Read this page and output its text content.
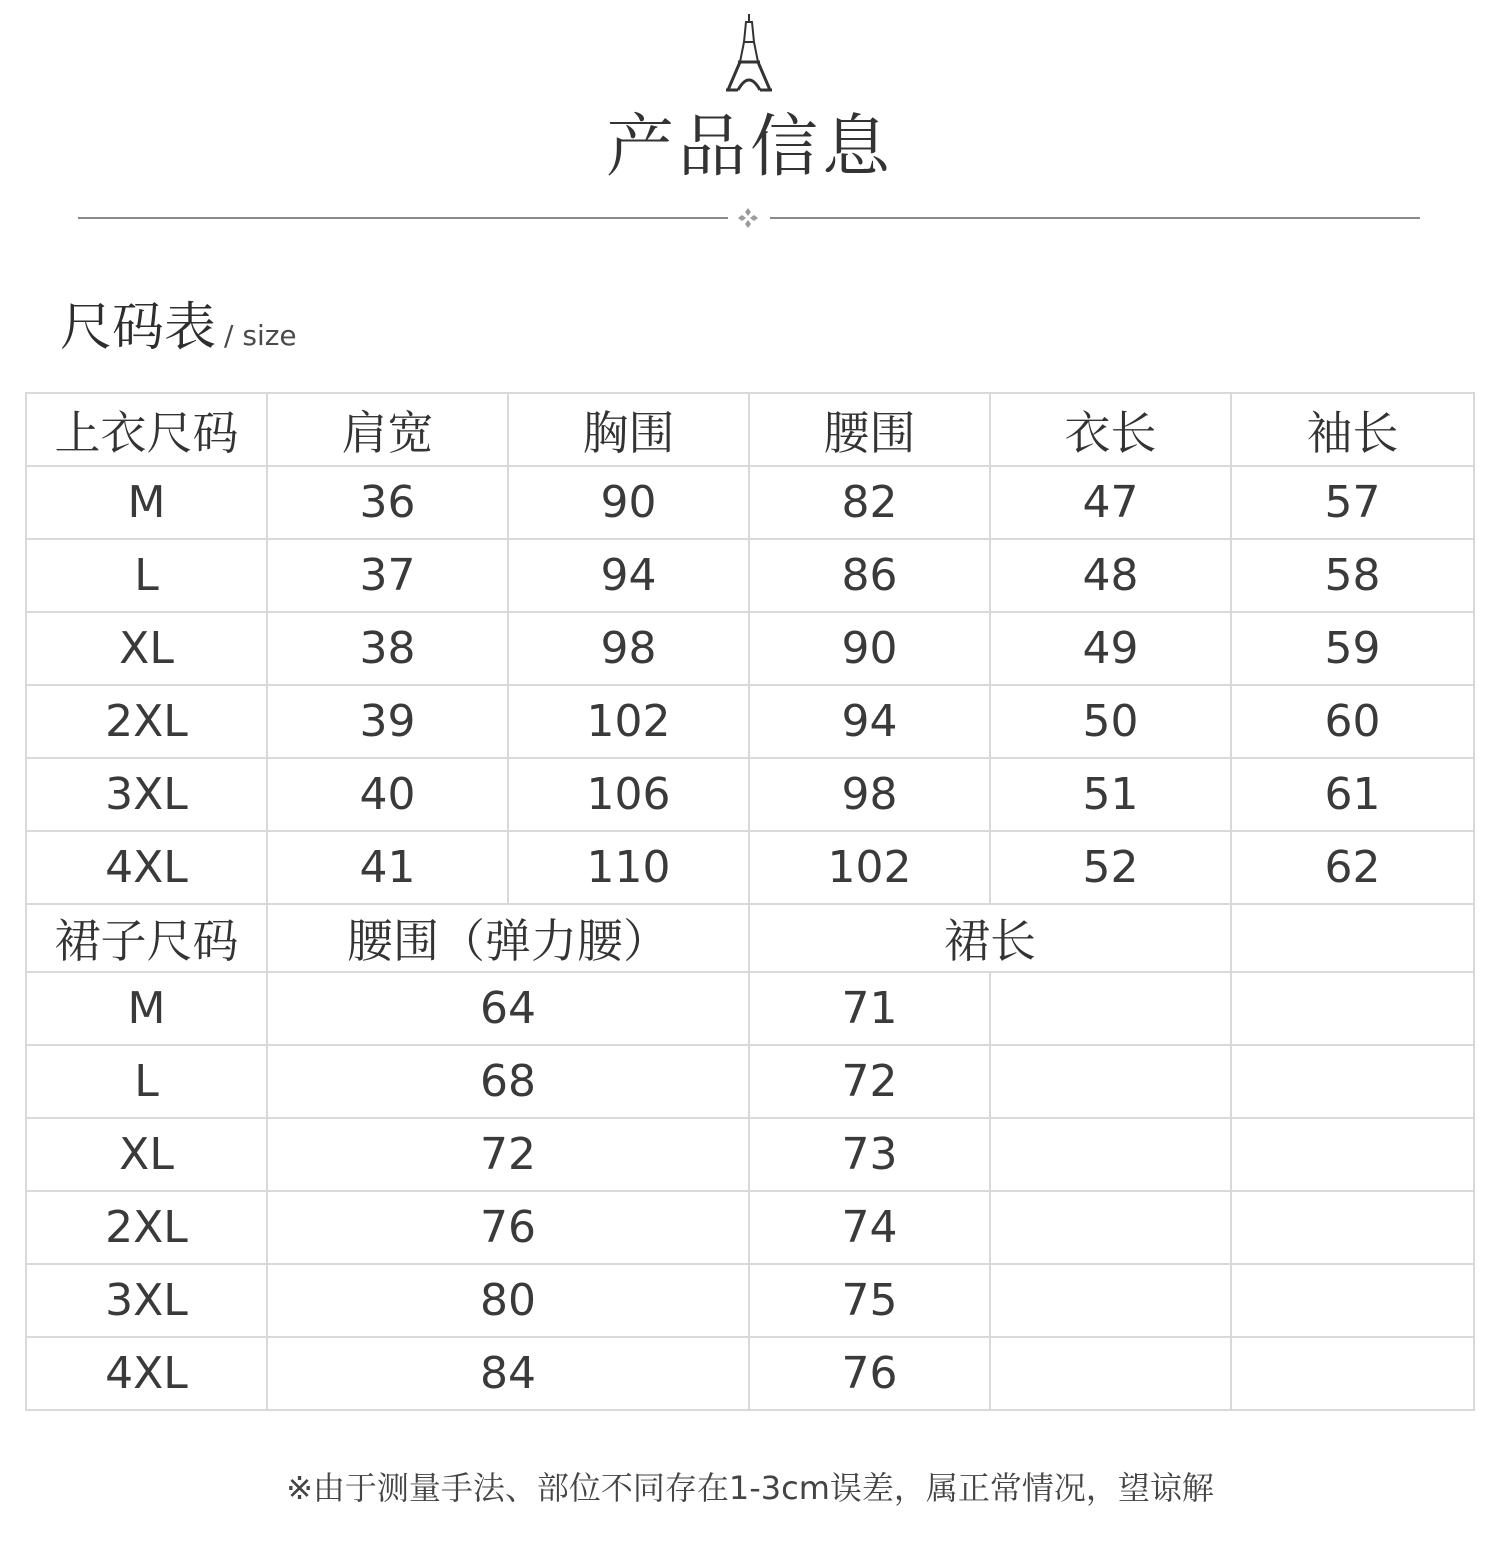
产品信息
尺码表 / size
上衣尺码	肩宽	胸围	腰围	衣长	袖长
M	36	90	82	47	57
L	37	94	86	48	58
XL	38	98	90	49	59
2XL	39	102	94	50	60
3XL	40	106	98	51	61
4XL	41	110	102	52	62
裙子尺码	腰围（弹力腰）		裙长		
M	64		71		
L	68		72		
XL	72		73		
2XL	76		74		
3XL	80		75		
4XL	84		76		
※由于测量手法、部位不同存在1-3cm误差，属正常情况，望谅解
